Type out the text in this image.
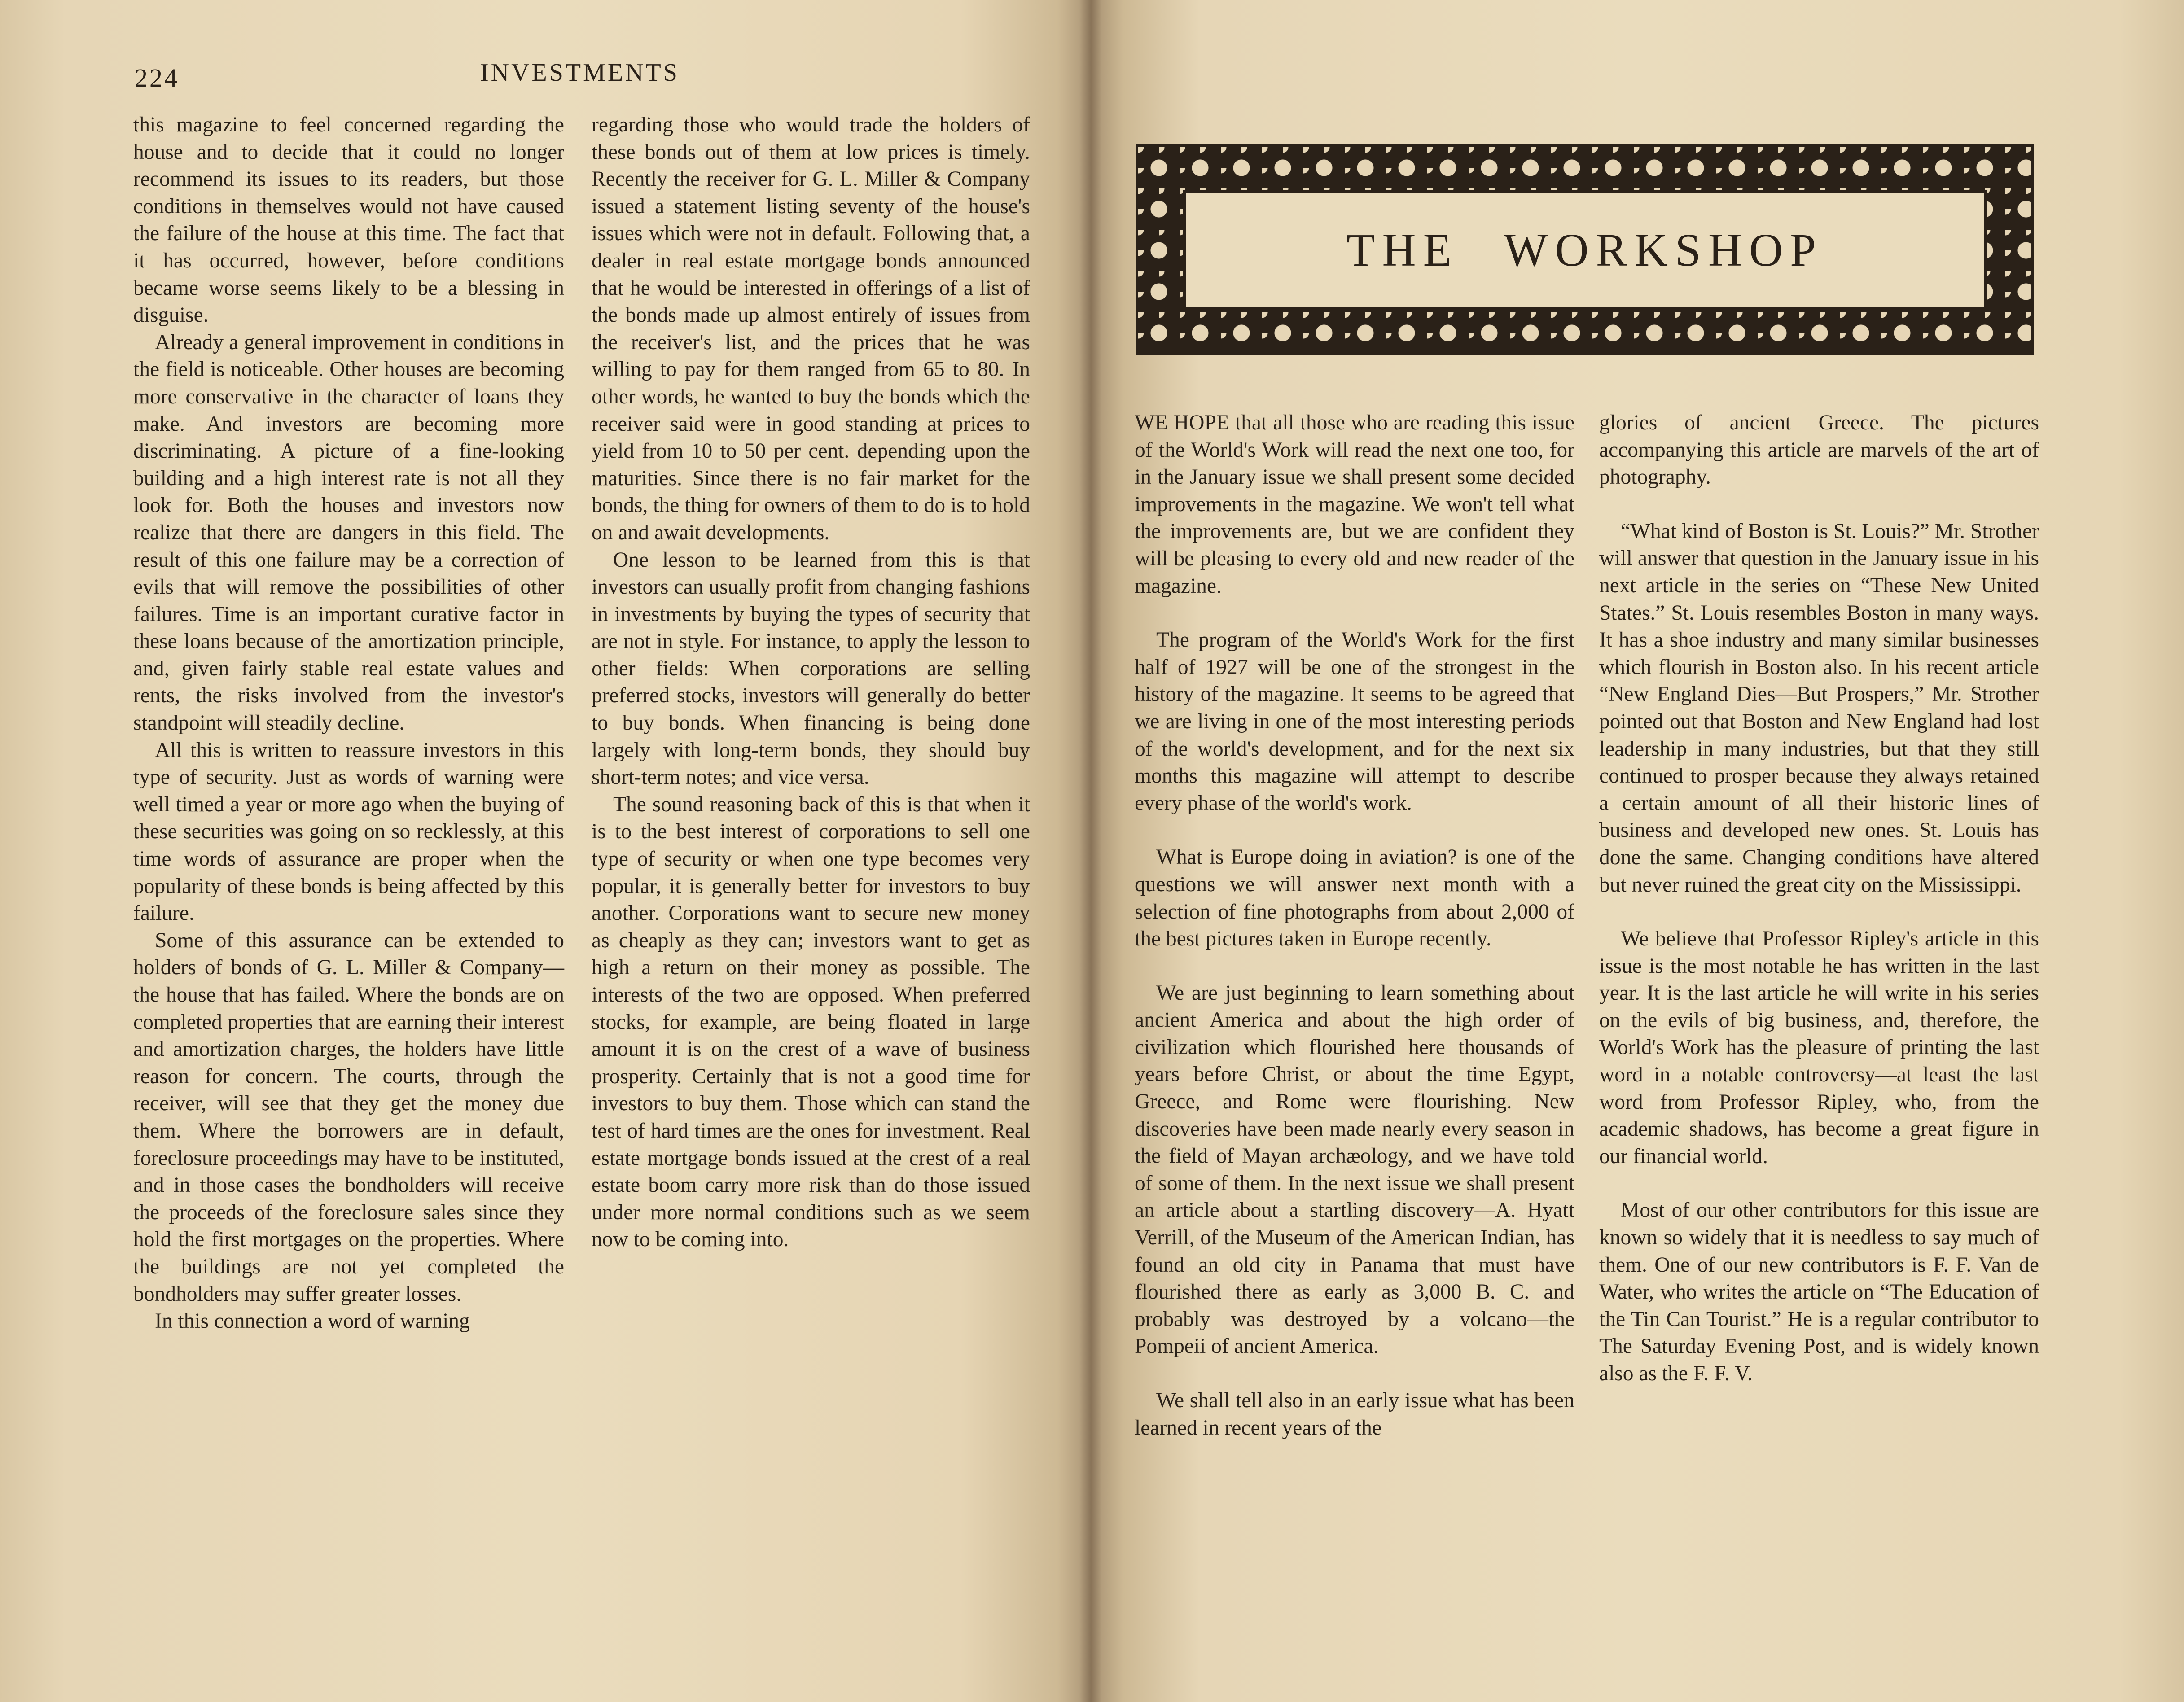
224	INVESTMENTS

this magazine to feel concerned regarding the house and to decide that it could no longer recommend its issues to its readers, but those conditions in themselves would not have caused the failure of the house at this time. The fact that it has occurred, however, before conditions became worse seems likely to be a blessing in disguise.

Already a general improvement in conditions in the field is noticeable. Other houses are becoming more conservative in the character of loans they make. And investors are becoming more discriminating. A picture of a fine-looking building and a high interest rate is not all they look for. Both the houses and investors now realize that there are dangers in this field. The result of this one failure may be a correction of evils that will remove the possibilities of other failures. Time is an important curative factor in these loans because of the amortization principle, and, given fairly stable real estate values and rents, the risks involved from the investor's standpoint will steadily decline.

All this is written to reassure investors in this type of security. Just as words of warning were well timed a year or more ago when the buying of these securities was going on so recklessly, at this time words of assurance are proper when the popularity of these bonds is being affected by this failure.

Some of this assurance can be extended to holders of bonds of G. L. Miller & Company—the house that has failed. Where the bonds are on completed properties that are earning their interest and amortization charges, the holders have little reason for concern. The courts, through the receiver, will see that they get the money due them. Where the borrowers are in default, foreclosure proceedings may have to be instituted, and in those cases the bondholders will receive the proceeds of the foreclosure sales since they hold the first mortgages on the properties. Where the buildings are not yet completed the bondholders may suffer greater losses.

In this connection a word of warning

regarding those who would trade the holders of these bonds out of them at low prices is timely. Recently the receiver for G. L. Miller & Company issued a statement listing seventy of the house's issues which were not in default. Following that, a dealer in real estate mortgage bonds announced that he would be interested in offerings of a list of the bonds made up almost entirely of issues from the receiver's list, and the prices that he was willing to pay for them ranged from 65 to 80. In other words, he wanted to buy the bonds which the receiver said were in good standing at prices to yield from 10 to 50 per cent. depending upon the maturities. Since there is no fair market for the bonds, the thing for owners of them to do is to hold on and await developments.

One lesson to be learned from this is that investors can usually profit from changing fashions in investments by buying the types of security that are not in style. For instance, to apply the lesson to other fields: When corporations are selling preferred stocks, investors will generally do better to buy bonds. When financing is being done largely with long-term bonds, they should buy short-term notes; and vice versa.

The sound reasoning back of this is that when it is to the best interest of corporations to sell one type of security or when one type becomes very popular, it is generally better for investors to buy another. Corporations want to secure new money as cheaply as they can; investors want to get as high a return on their money as possible. The interests of the two are opposed. When preferred stocks, for example, are being floated in large amount it is on the crest of a wave of business prosperity. Certainly that is not a good time for investors to buy them. Those which can stand the test of hard times are the ones for investment. Real estate mortgage bonds issued at the crest of a real estate boom carry more risk than do those issued under more normal conditions such as we seem now to be coming into.

THE WORKSHOP

WE HOPE that all those who are reading this issue of the World's Work will read the next one too, for in the January issue we shall present some decided improvements in the magazine. We won't tell what the improvements are, but we are confident they will be pleasing to every old and new reader of the magazine.

The program of the World's Work for the first half of 1927 will be one of the strongest in the history of the magazine. It seems to be agreed that we are living in one of the most interesting periods of the world's development, and for the next six months this magazine will attempt to describe every phase of the world's work.

What is Europe doing in aviation? is one of the questions we will answer next month with a selection of fine photographs from about 2,000 of the best pictures taken in Europe recently.

We are just beginning to learn something about ancient America and about the high order of civilization which flourished here thousands of years before Christ, or about the time Egypt, Greece, and Rome were flourishing. New discoveries have been made nearly every season in the field of Mayan archæology, and we have told of some of them. In the next issue we shall present an article about a startling discovery—A. Hyatt Verrill, of the Museum of the American Indian, has found an old city in Panama that must have flourished there as early as 3,000 B. C. and probably was destroyed by a volcano—the Pompeii of ancient America.

We shall tell also in an early issue what has been learned in recent years of the

glories of ancient Greece. The pictures accompanying this article are marvels of the art of photography.

“What kind of Boston is St. Louis?” Mr. Strother will answer that question in the January issue in his next article in the series on “These New United States.” St. Louis resembles Boston in many ways. It has a shoe industry and many similar businesses which flourish in Boston also. In his recent article “New England Dies—But Prospers,” Mr. Strother pointed out that Boston and New England had lost leadership in many industries, but that they still continued to prosper because they always retained a certain amount of all their historic lines of business and developed new ones. St. Louis has done the same. Changing conditions have altered but never ruined the great city on the Mississippi.

We believe that Professor Ripley's article in this issue is the most notable he has written in the last year. It is the last article he will write in his series on the evils of big business, and, therefore, the World's Work has the pleasure of printing the last word in a notable controversy—at least the last word from Professor Ripley, who, from the academic shadows, has become a great figure in our financial world.

Most of our other contributors for this issue are known so widely that it is needless to say much of them. One of our new contributors is F. F. Van de Water, who writes the article on “The Education of the Tin Can Tourist.” He is a regular contributor to The Saturday Evening Post, and is widely known also as the F. F. V.
